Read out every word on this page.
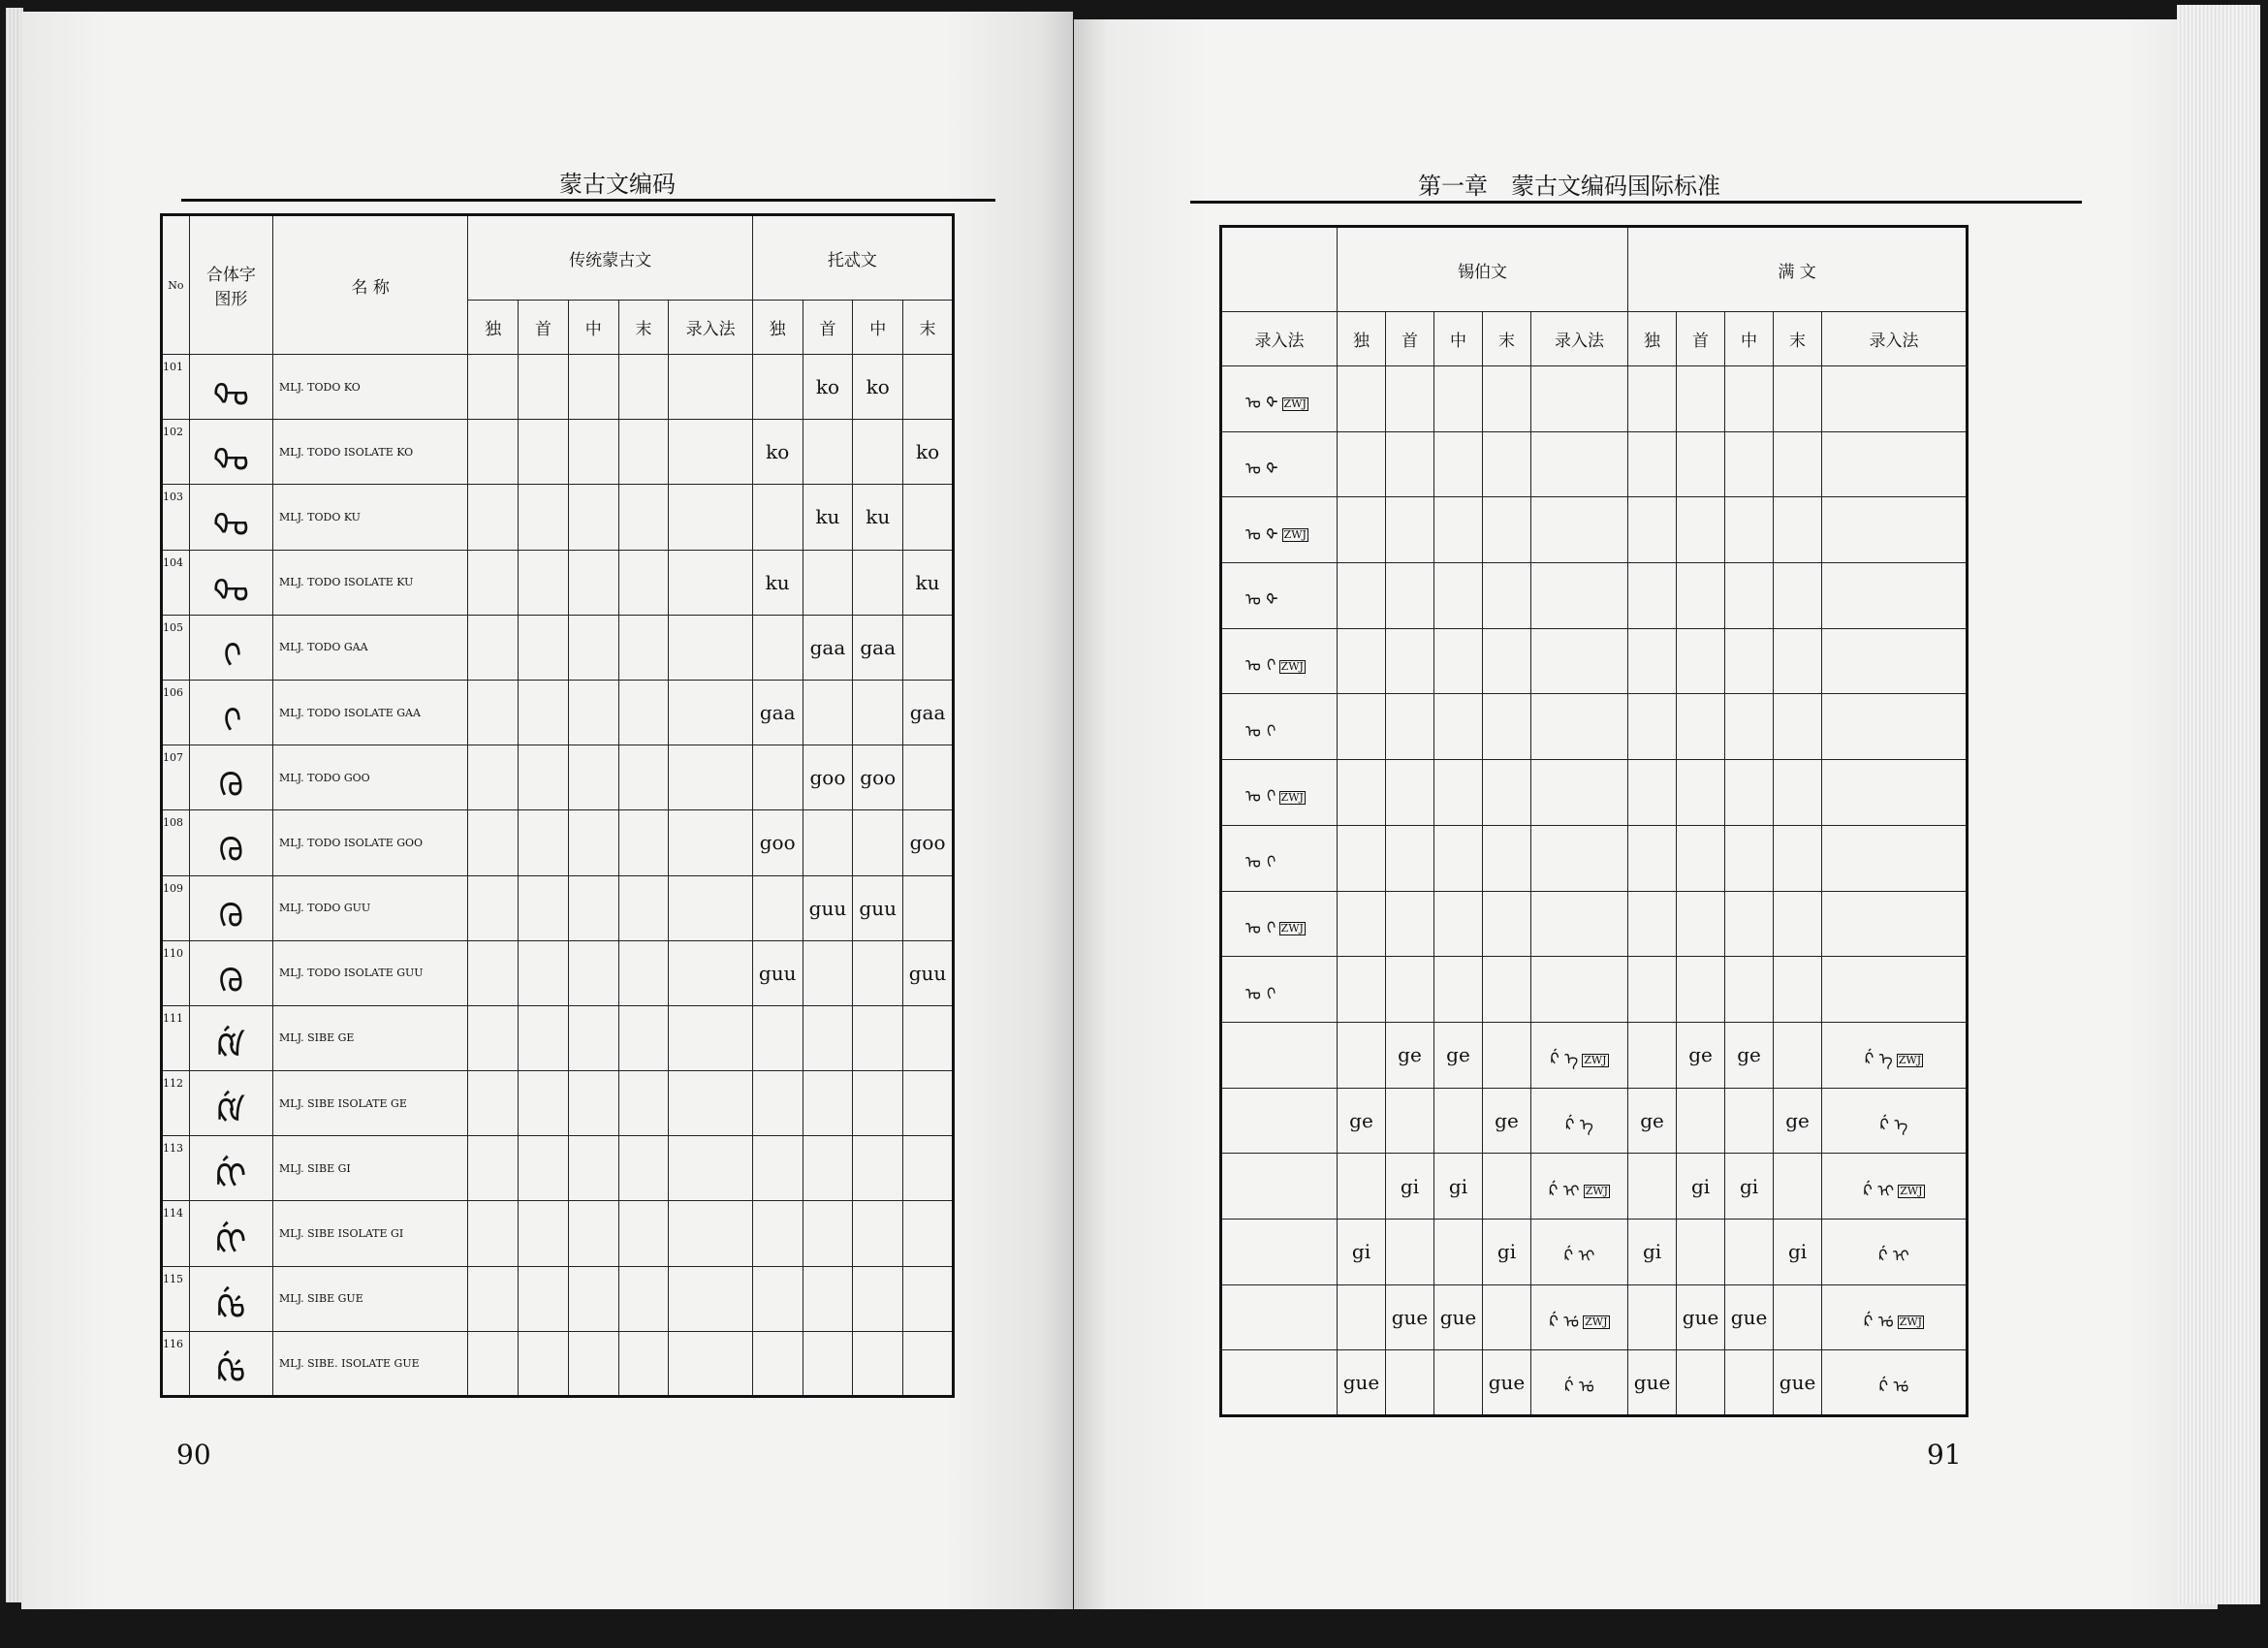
蒙古文编码
90
第一章　蒙古文编码国际标准
91
No	合体字
图形	名 称	传统蒙古文					托忒文			
			独	首	中	末	录入法	独	首	中	末
101	ᡐᠣ	MLJ. TODO KO							ko	ko	
102	ᡐᠣ	MLJ. TODO ISOLATE KO						ko			ko
103	ᡐᠣ	MLJ. TODO KU							ku	ku	
104	ᡐᠣ	MLJ. TODO ISOLATE KU						ku			ku
105	ᢉ	MLJ. TODO GAA							gaa	gaa	
106	ᢉ	MLJ. TODO ISOLATE GAA						gaa			gaa
107	ᢉᠣ	MLJ. TODO GOO							goo	goo	
108	ᢉᠣ	MLJ. TODO ISOLATE GOO						goo			goo
109	ᢉᠣ	MLJ. TODO GUU							guu	guu	
110	ᢉᠣ	MLJ. TODO ISOLATE GUU						guu			guu
111	ᡬᡝ	MLJ. SIBE GE									
112	ᡬᡝ	MLJ. SIBE ISOLATE GE									
113	ᡬᡳ	MLJ. SIBE GI									
114	ᡬᡳ	MLJ. SIBE ISOLATE GI									
115	ᡬᡠ	MLJ. SIBE GUE									
116	ᡬᡠ	MLJ. SIBE. ISOLATE GUE									
	锡伯文					满 文				
录入法	独	首	中	末	录入法	独	首	中	末	录入法
ᠣ ᡐ ZWJ										
ᠣ ᡐ										
ᠣ ᡐ ZWJ										
ᠣ ᡐ										
ᠣ ᢉ ZWJ										
ᠣ ᢉ										
ᠣ ᢉ ZWJ										
ᠣ ᢉ										
ᠣ ᢉ ZWJ										
ᠣ ᢉ										
		ge	ge		ᡬ ᡝ ZWJ		ge	ge		ᡬ ᡝ ZWJ
	ge			ge	ᡬ ᡝ	ge			ge	ᡬ ᡝ
		gi	gi		ᡬ ᡳ ZWJ		gi	gi		ᡬ ᡳ ZWJ
	gi			gi	ᡬ ᡳ	gi			gi	ᡬ ᡳ
		gue	gue		ᡬ ᡠ ZWJ		gue	gue		ᡬ ᡠ ZWJ
	gue			gue	ᡬ ᡠ	gue			gue	ᡬ ᡠ
